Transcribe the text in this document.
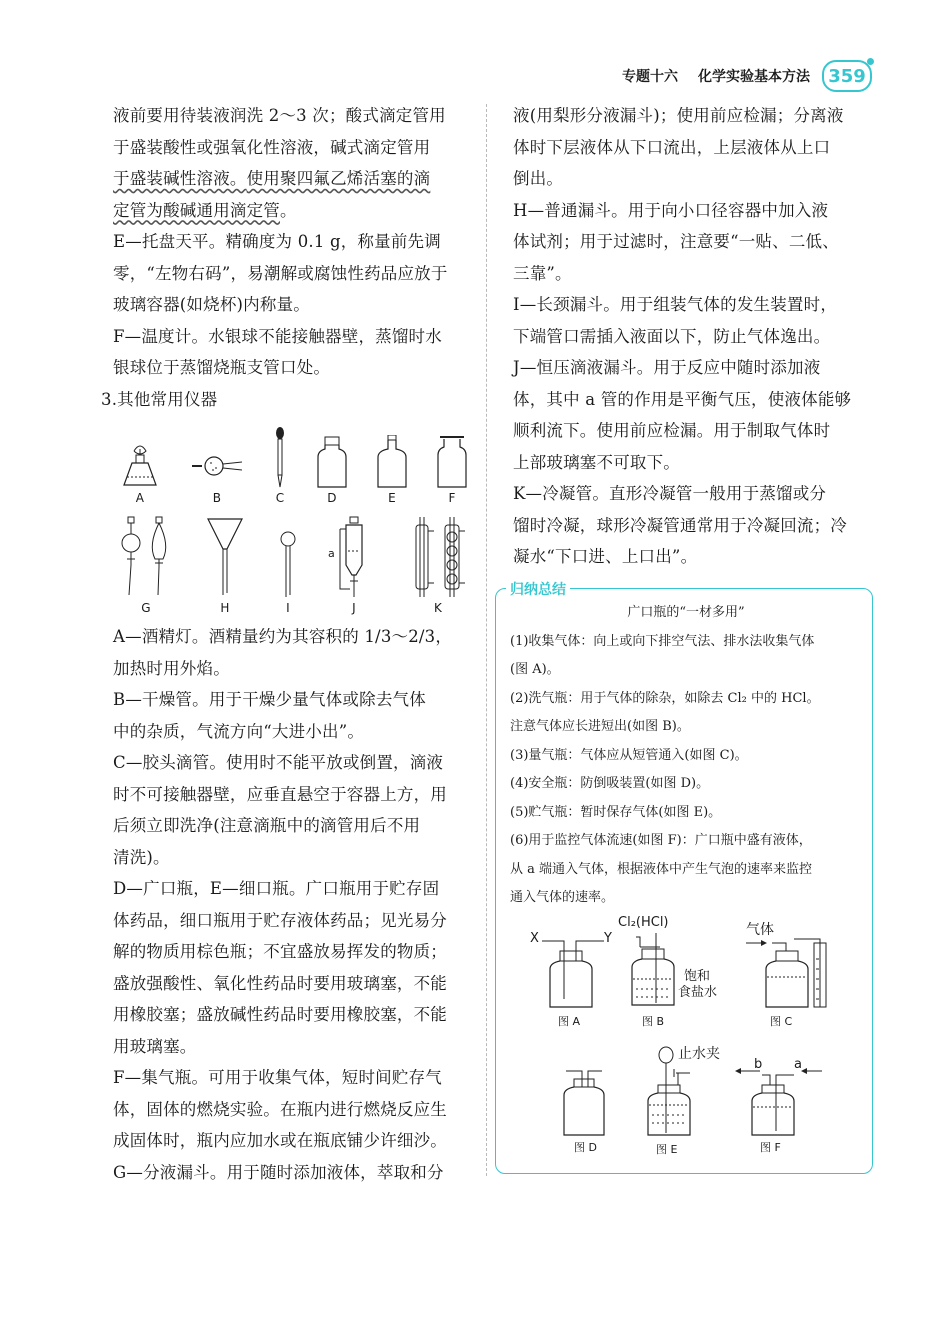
专题十六 化学实验基本方法	359
液前要用待装液润洗 2～3 次；酸式滴定管用
于盛装酸性或强氧化性溶液，碱式滴定管用
于盛装碱性溶液。使用聚四氟乙烯活塞的滴
定管为酸碱通用滴定管。
E—托盘天平。精确度为 0.1 g，称量前先调
零，“左物右码”，易潮解或腐蚀性药品应放于
玻璃容器(如烧杯)内称量。
F—温度计。水银球不能接触器壁，蒸馏时水
银球位于蒸馏烧瓶支管口处。
3.其他常用仪器
A	B	C	D	E	F
G	H	I
a
J	K
A—酒精灯。酒精量约为其容积的 1/3～2/3，
加热时用外焰。
B—干燥管。用于干燥少量气体或除去气体
中的杂质，气流方向“大进小出”。
C—胶头滴管。使用时不能平放或倒置，滴液
时不可接触器壁，应垂直悬空于容器上方，用
后须立即洗净(注意滴瓶中的滴管用后不用
清洗)。
D—广口瓶，E—细口瓶。广口瓶用于贮存固
体药品，细口瓶用于贮存液体药品；见光易分
解的物质用棕色瓶；不宜盛放易挥发的物质；
盛放强酸性、氧化性药品时要用玻璃塞，不能
用橡胶塞；盛放碱性药品时要用橡胶塞，不能
用玻璃塞。
F—集气瓶。可用于收集气体，短时间贮存气
体，固体的燃烧实验。在瓶内进行燃烧反应生
成固体时，瓶内应加水或在瓶底铺少许细沙。
G—分液漏斗。用于随时添加液体，萃取和分
液(用梨形分液漏斗)；使用前应检漏；分离液
体时下层液体从下口流出，上层液体从上口
倒出。
H—普通漏斗。用于向小口径容器中加入液
体试剂；用于过滤时，注意要“一贴、二低、
三靠”。
I—长颈漏斗。用于组装气体的发生装置时，
下端管口需插入液面以下，防止气体逸出。
J—恒压滴液漏斗。用于反应中随时添加液
体，其中 a 管的作用是平衡气压，使液体能够
顺利流下。使用前应检漏。用于制取气体时
上部玻璃塞不可取下。
K—冷凝管。直形冷凝管一般用于蒸馏或分
馏时冷凝，球形冷凝管通常用于冷凝回流；冷
凝水“下口进、上口出”。
归纳总结
广口瓶的“一材多用”
(1)收集气体：向上或向下排空气法、排水法收集气体
(图 A)。
(2)洗气瓶：用于气体的除杂，如除去 Cl₂ 中的 HCl。
注意气体应长进短出(如图 B)。
(3)量气瓶：气体应从短管通入(如图 C)。
(4)安全瓶：防倒吸装置(如图 D)。
(5)贮气瓶：暂时保存气体(如图 E)。
(6)用于监控气体流速(如图 F)：广口瓶中盛有液体，
从 a 端通入气体，根据液体中产生气泡的速率来监控
通入气体的速率。
X	Y
图 A
Cl₂(HCl)
饱和
食盐水
图 B
气体
图 C
图 D
止水夹
图 E
b a
图 F
